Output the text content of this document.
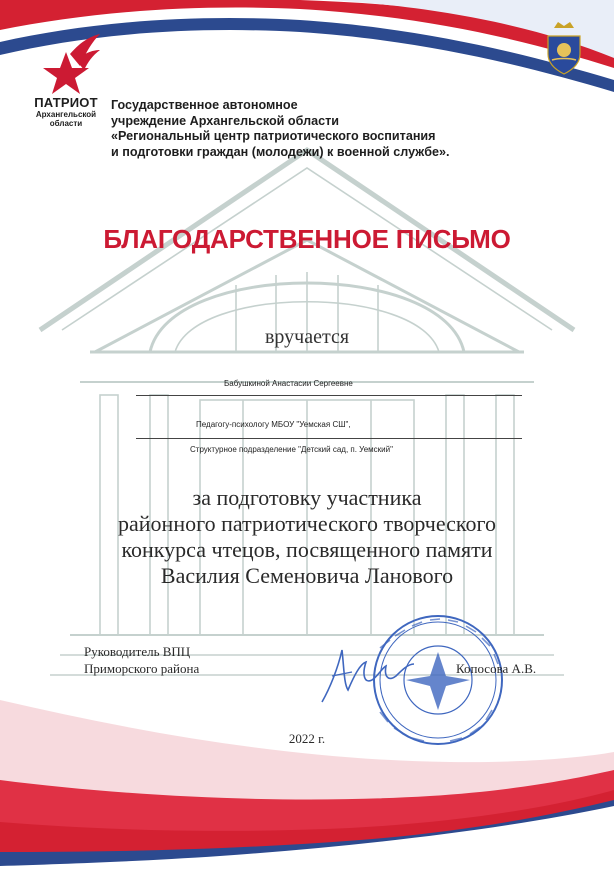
ПАТРИОТ
Архангельской
области
Государственное автономное
учреждение Архангельской области
«Региональный центр патриотического воспитания
и подготовки граждан (молодежи) к военной службе».
БЛАГОДАРСТВЕННОЕ ПИСЬМО
вручается
Бабушкиной Анастасии Сергеевне
Педагогу-психологу МБОУ "Уемская СШ",
Структурное подразделение "Детский сад, п. Уемский"
за подготовку участника
районного патриотического творческого
конкурса чтецов, посвященного памяти
Василия Семеновича Ланового
Руководитель ВПЦ
Приморского района	Копосова А.В.
2022 г.
